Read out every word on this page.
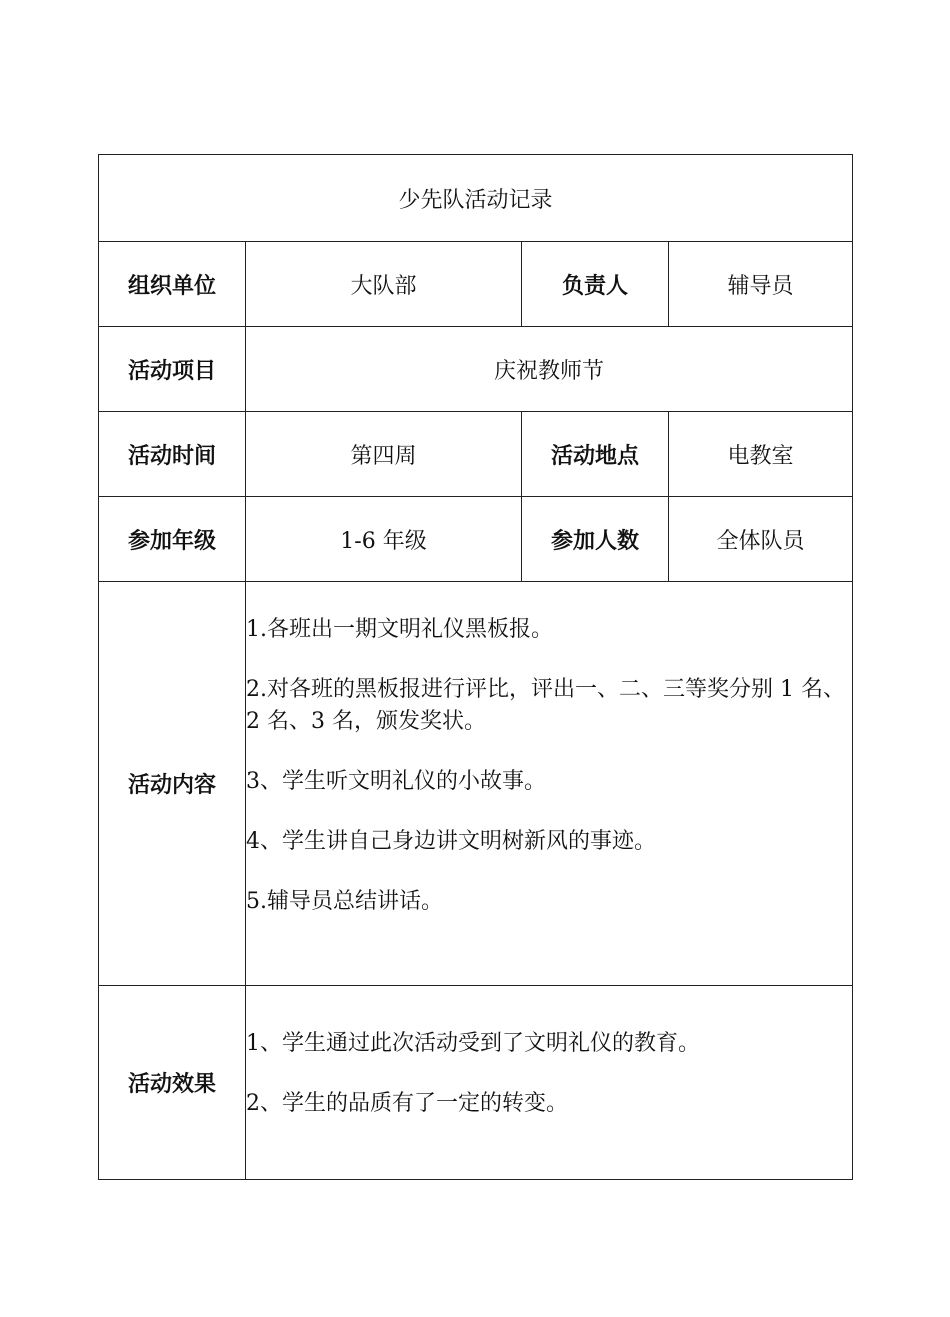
少先队活动记录			
组织单位	大队部	负责人	辅导员
活动项目	庆祝教师节		
活动时间	第四周	活动地点	电教室
参加年级	1-6 年级	参加人数	全体队员
活动内容	1.各班出一期文明礼仪黑板报。

2.对各班的黑板报进行评比，评出一、二、三等奖分别 1 名、2 名、3 名，颁发奖状。

3、学生听文明礼仪的小故事。

4、学生讲自己身边讲文明树新风的事迹。

5.辅导员总结讲话。		

活动效果	1、学生通过此次活动受到了文明礼仪的教育。

2、学生的品质有了一定的转变。		
